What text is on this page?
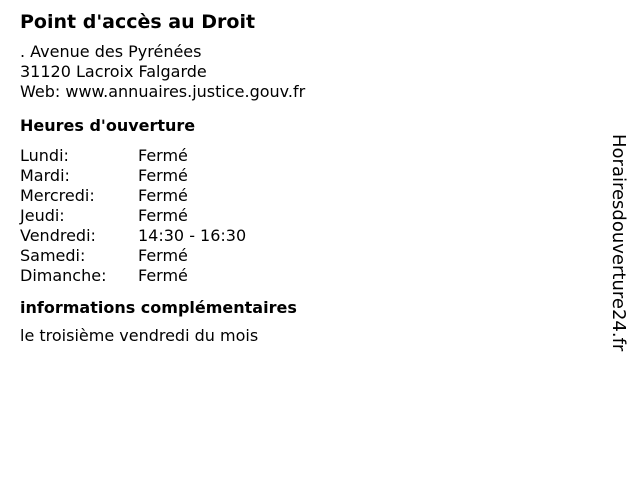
Point d'accès au Droit
. Avenue des Pyrénées
31120 Lacroix Falgarde
Web: www.annuaires.justice.gouv.fr
Heures d'ouverture
Lundi:	Fermé
Mardi:	Fermé
Mercredi:	Fermé
Jeudi:	Fermé
Vendredi:	14:30 - 16:30
Samedi:	Fermé
Dimanche:	Fermé
informations complémentaires
le troisième vendredi du mois	Horairesdouverture24.fr
